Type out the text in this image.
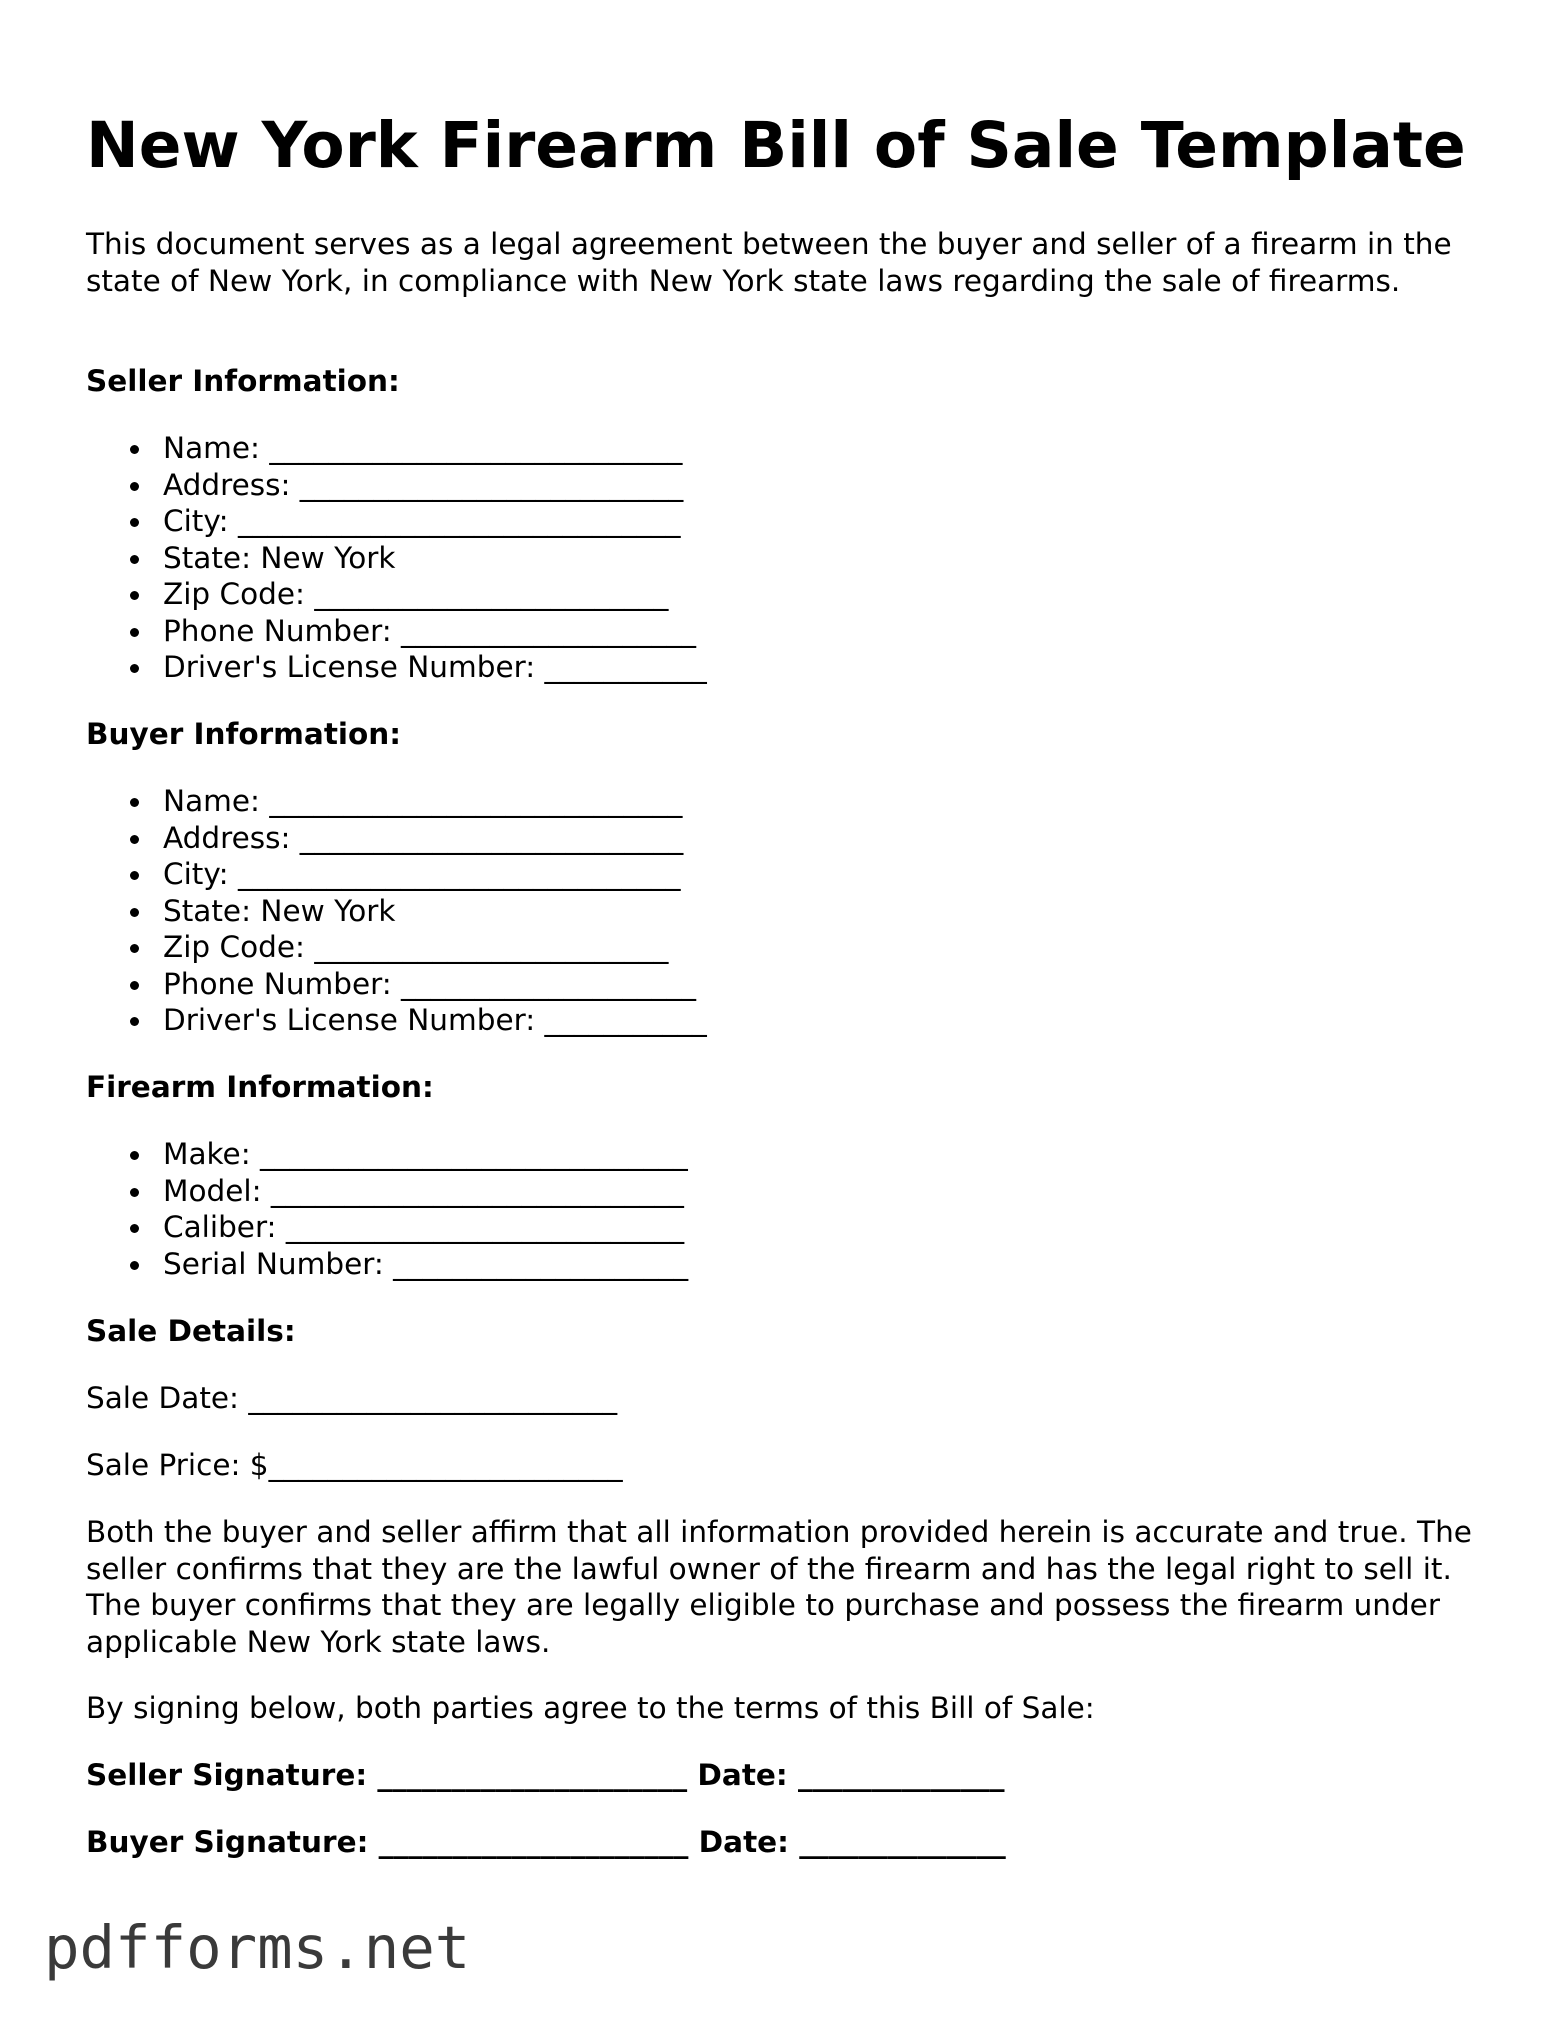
New York Firearm Bill of Sale Template

This document serves as a legal agreement between the buyer and seller of a firearm in the state of New York, in compliance with New York state laws regarding the sale of firearms.

Seller Information:

Name: ____________________________
Address: __________________________
City: ______________________________
State: New York
Zip Code: ________________________
Phone Number: ____________________
Driver's License Number: ___________

Buyer Information:

Name: ____________________________
Address: __________________________
City: ______________________________
State: New York
Zip Code: ________________________
Phone Number: ____________________
Driver's License Number: ___________

Firearm Information:

Make: _____________________________
Model: ____________________________
Caliber: ___________________________
Serial Number: ____________________

Sale Details:

Sale Date: _________________________

Sale Price: $________________________

Both the buyer and seller affirm that all information provided herein is accurate and true. The seller confirms that they are the lawful owner of the firearm and has the legal right to sell it. The buyer confirms that they are legally eligible to purchase and possess the firearm under applicable New York state laws.

By signing below, both parties agree to the terms of this Bill of Sale:

Seller Signature: _____________________ Date: ______________

Buyer Signature: _____________________ Date: ______________

pdfforms.net
